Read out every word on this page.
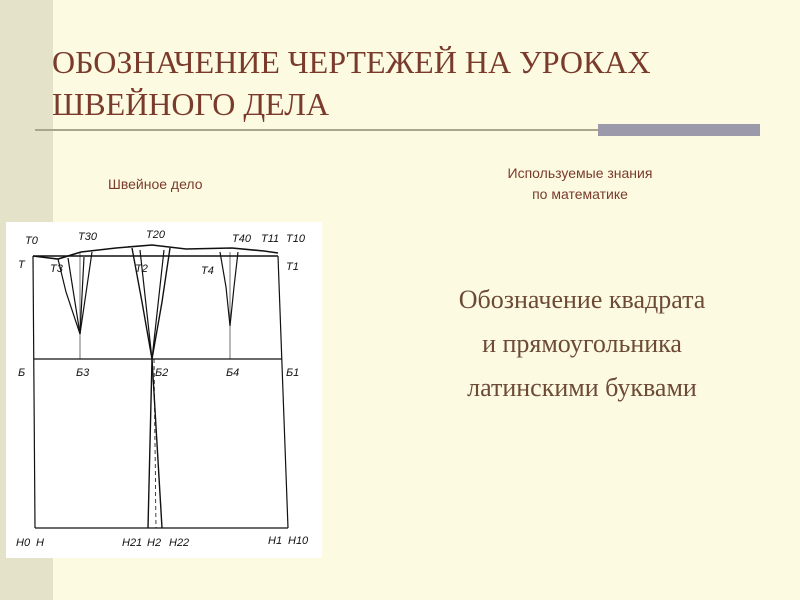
ОБОЗНАЧЕНИЕ ЧЕРТЕЖЕЙ НА УРОКАХ ШВЕЙНОГО ДЕЛА
Швейное дело
Используемые знания
по математике
Т0	Т30	Т20	Т40 Т11 Т10
Т Т3	Т2	Т4	Т1
Б	Б3	Б2	Б4	Б1
Н0 Н	Н21 Н2 Н22	Н1 Н10
Обозначение квадрата
и прямоугольника
латинскими буквами
